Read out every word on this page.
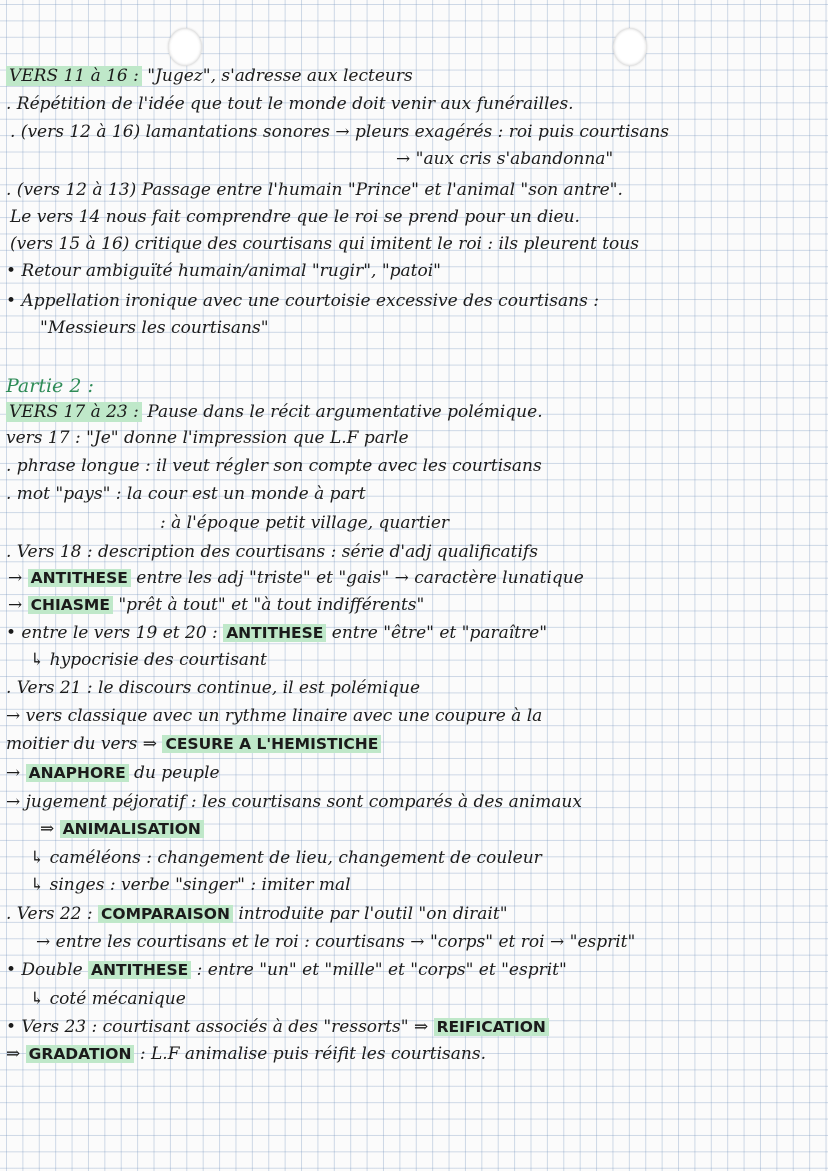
VERS 11 à 16 : "Jugez", s'adresse aux lecteurs
. Répétition de l'idée que tout le monde doit venir aux funérailles.
. (vers 12 à 16) lamantations sonores → pleurs exagérés : roi puis courtisans
→ "aux cris s'abandonna"
. (vers 12 à 13) Passage entre l'humain "Prince" et l'animal "son antre".
Le vers 14 nous fait comprendre que le roi se prend pour un dieu.
(vers 15 à 16) critique des courtisans qui imitent le roi : ils pleurent tous
• Retour ambiguïté humain/animal "rugir", "patoi"
• Appellation ironique avec une courtoisie excessive des courtisans :
"Messieurs les courtisans"
Partie 2 :
VERS 17 à 23 : Pause dans le récit argumentative polémique.
vers 17 : "Je" donne l'impression que L.F parle
. phrase longue : il veut régler son compte avec les courtisans
. mot "pays" : la cour est un monde à part
: à l'époque petit village, quartier
. Vers 18 : description des courtisans : série d'adj qualificatifs
→ ANTITHESE entre les adj "triste" et "gais" → caractère lunatique
→ CHIASME "prêt à tout" et "à tout indifférents"
• entre le vers 19 et 20 : ANTITHESE entre "être" et "paraître"
↳ hypocrisie des courtisant
. Vers 21 : le discours continue, il est polémique
→ vers classique avec un rythme linaire avec une coupure à la
moitier du vers ⇒ CESURE A L'HEMISTICHE
→ ANAPHORE du peuple
→ jugement péjoratif : les courtisans sont comparés à des animaux
⇒ ANIMALISATION
↳ caméléons : changement de lieu, changement de couleur
↳ singes : verbe "singer" : imiter mal
. Vers 22 : COMPARAISON introduite par l'outil "on dirait"
→ entre les courtisans et le roi : courtisans → "corps" et roi → "esprit"
• Double ANTITHESE : entre "un" et "mille" et "corps" et "esprit"
↳ coté mécanique
• Vers 23 : courtisant associés à des "ressorts" ⇒ REIFICATION
⇒ GRADATION : L.F animalise puis réifit les courtisans.
